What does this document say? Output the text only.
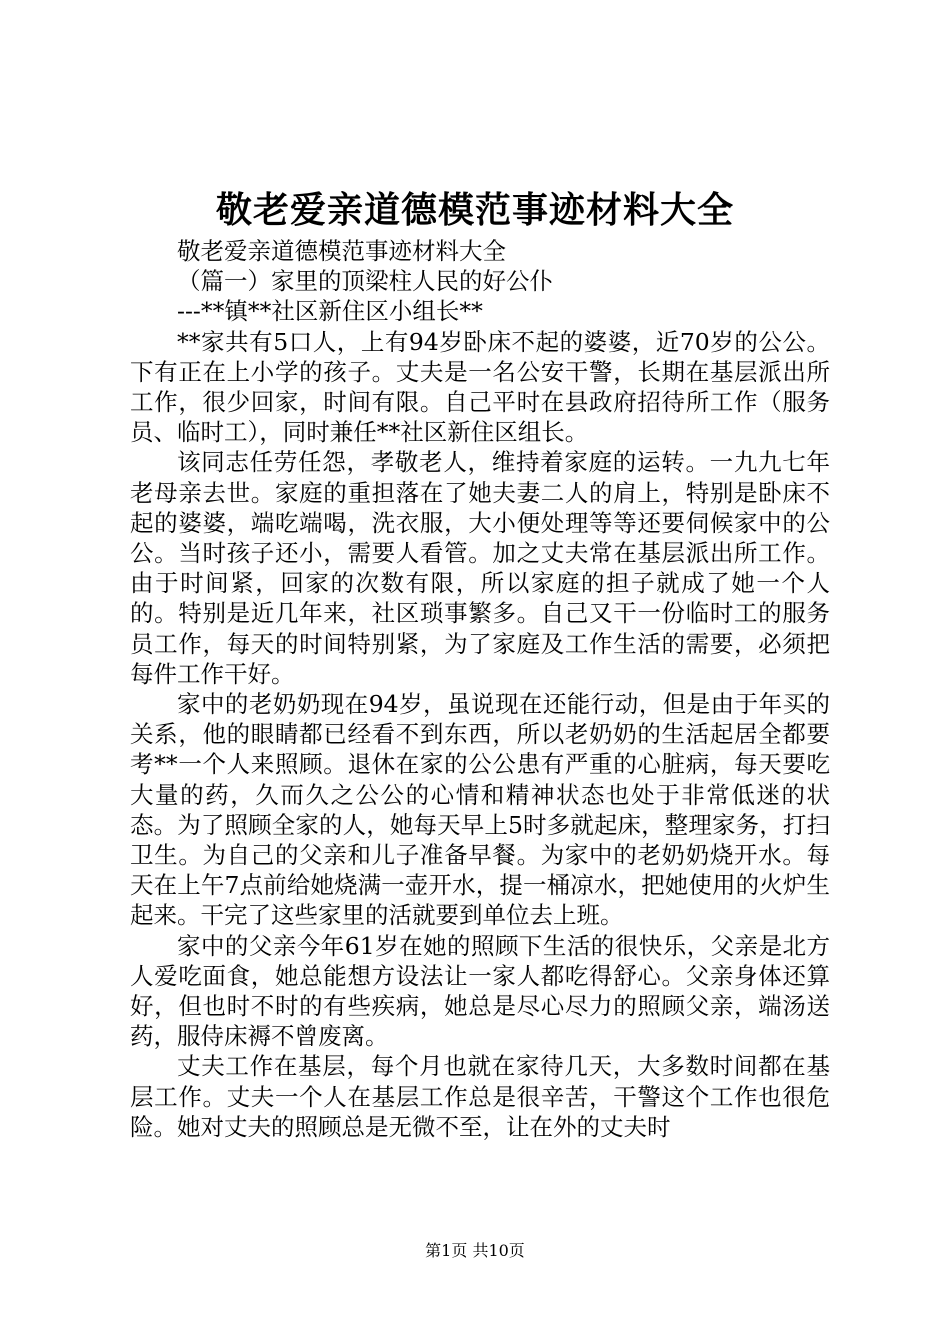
敬老爱亲道德模范事迹材料大全

敬老爱亲道德模范事迹材料大全

（篇一）家里的顶梁柱人民的好公仆

---**镇**社区新住区小组长**

**家共有5口人，上有94岁卧床不起的婆婆，近70岁的公公。下有正在上小学的孩子。丈夫是一名公安干警，长期在基层派出所工作，很少回家，时间有限。自己平时在县政府招待所工作（服务员、临时工），同时兼任**社区新住区组长。

该同志任劳任怨，孝敬老人，维持着家庭的运转。一九九七年老母亲去世。家庭的重担落在了她夫妻二人的肩上，特别是卧床不起的婆婆，端吃端喝，洗衣服，大小便处理等等还要伺候家中的公公。当时孩子还小，需要人看管。加之丈夫常在基层派出所工作。由于时间紧，回家的次数有限，所以家庭的担子就成了她一个人的。特别是近几年来，社区琐事繁多。自己又干一份临时工的服务员工作，每天的时间特别紧，为了家庭及工作生活的需要，必须把每件工作干好。

家中的老奶奶现在94岁，虽说现在还能行动，但是由于年买的关系，他的眼睛都已经看不到东西，所以老奶奶的生活起居全都要考**一个人来照顾。退休在家的公公患有严重的心脏病，每天要吃大量的药，久而久之公公的心情和精神状态也处于非常低迷的状态。为了照顾全家的人，她每天早上5时多就起床，整理家务，打扫卫生。为自己的父亲和儿子准备早餐。为家中的老奶奶烧开水。每天在上午7点前给她烧满一壶开水，提一桶凉水，把她使用的火炉生起来。干完了这些家里的活就要到单位去上班。

家中的父亲今年61岁在她的照顾下生活的很快乐，父亲是北方人爱吃面食，她总能想方设法让一家人都吃得舒心。父亲身体还算好，但也时不时的有些疾病，她总是尽心尽力的照顾父亲，端汤送药，服侍床褥不曾废离。

丈夫工作在基层，每个月也就在家待几天，大多数时间都在基层工作。丈夫一个人在基层工作总是很辛苦，干警这个工作也很危险。她对丈夫的照顾总是无微不至，让在外的丈夫时

第1页 共10页
